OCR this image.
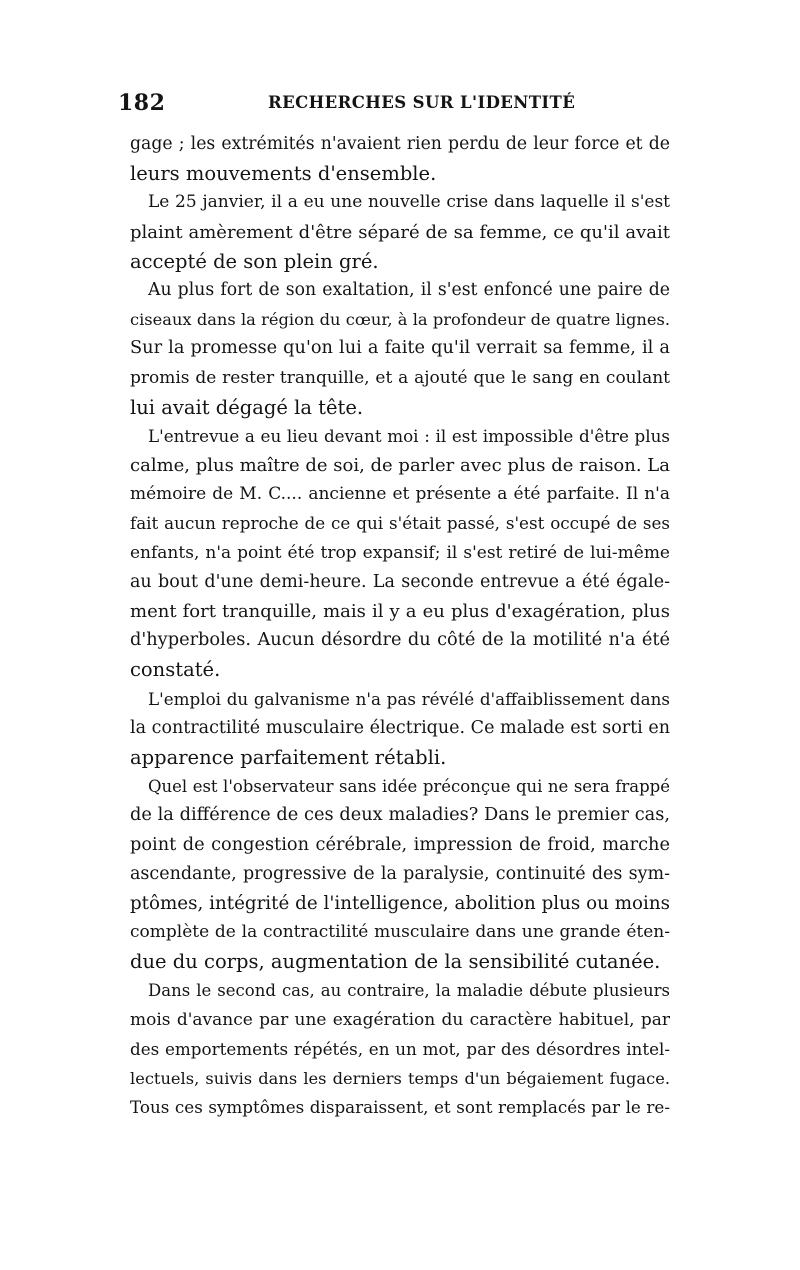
182	RECHERCHES SUR L'IDENTITÉ
gage ; les extrémités n'avaient rien perdu de leur force et de
leurs mouvements d'ensemble.
Le 25 janvier, il a eu une nouvelle crise dans laquelle il s'est
plaint amèrement d'être séparé de sa femme, ce qu'il avait
accepté de son plein gré.
Au plus fort de son exaltation, il s'est enfoncé une paire de
ciseaux dans la région du cœur, à la profondeur de quatre lignes.
Sur la promesse qu'on lui a faite qu'il verrait sa femme, il a
promis de rester tranquille, et a ajouté que le sang en coulant
lui avait dégagé la tête.
L'entrevue a eu lieu devant moi : il est impossible d'être plus
calme, plus maître de soi, de parler avec plus de raison. La
mémoire de M. C.... ancienne et présente a été parfaite. Il n'a
fait aucun reproche de ce qui s'était passé, s'est occupé de ses
enfants, n'a point été trop expansif; il s'est retiré de lui-même
au bout d'une demi-heure. La seconde entrevue a été égale-
ment fort tranquille, mais il y a eu plus d'exagération, plus
d'hyperboles. Aucun désordre du côté de la motilité n'a été
constaté.
L'emploi du galvanisme n'a pas révélé d'affaiblissement dans
la contractilité musculaire électrique. Ce malade est sorti en
apparence parfaitement rétabli.
Quel est l'observateur sans idée préconçue qui ne sera frappé
de la différence de ces deux maladies? Dans le premier cas,
point de congestion cérébrale, impression de froid, marche
ascendante, progressive de la paralysie, continuité des sym-
ptômes, intégrité de l'intelligence, abolition plus ou moins
complète de la contractilité musculaire dans une grande éten-
due du corps, augmentation de la sensibilité cutanée.
Dans le second cas, au contraire, la maladie débute plusieurs
mois d'avance par une exagération du caractère habituel, par
des emportements répétés, en un mot, par des désordres intel-
lectuels, suivis dans les derniers temps d'un bégaiement fugace.
Tous ces symptômes disparaissent, et sont remplacés par le re-
